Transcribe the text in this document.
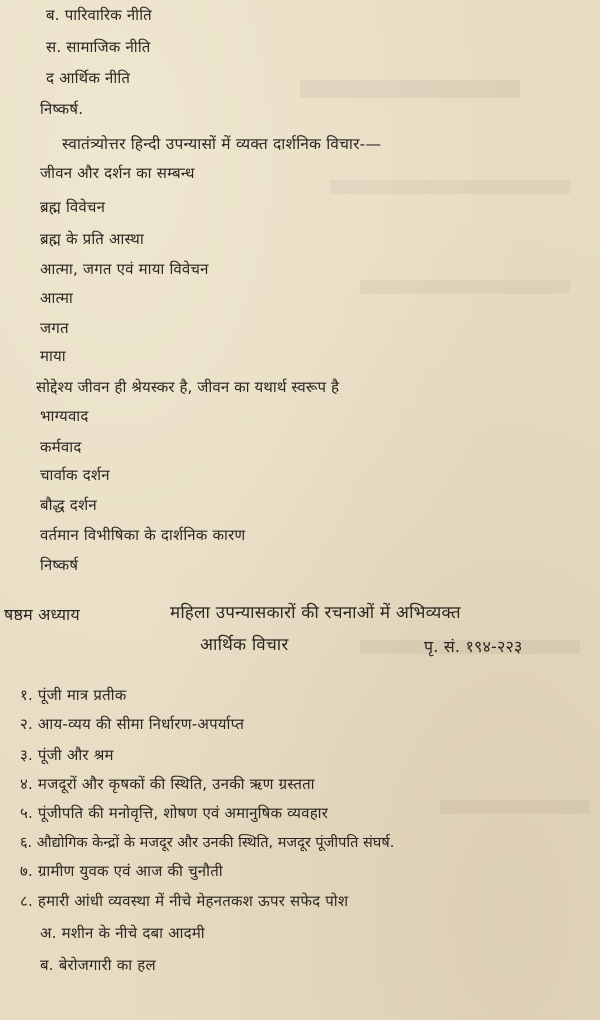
ब. पारिवारिक नीति
स. सामाजिक नीति
द आर्थिक नीति
निष्कर्ष.
स्वातंत्र्योत्तर हिन्दी उपन्यासों में व्यक्त दार्शनिक विचार-—
जीवन और दर्शन का सम्बन्ध
ब्रह्म विवेचन
ब्रह्म के प्रति आस्था
आत्मा, जगत एवं माया विवेचन
आत्मा
जगत
माया
सोद्देश्य जीवन ही श्रेयस्कर है, जीवन का यथार्थ स्वरूप है
भाग्यवाद
कर्मवाद
चार्वाक दर्शन
बौद्ध दर्शन
वर्तमान विभीषिका के दार्शनिक कारण
निष्कर्ष
षष्ठम अध्याय	महिला उपन्यासकारों की रचनाओं में अभिव्यक्त
आर्थिक विचार	पृ. सं. १९४-२२३
१. पूंजी मात्र प्रतीक
२. आय-व्यय की सीमा निर्धारण-अपर्याप्त
३. पूंजी और श्रम
४. मजदूरों और कृषकों की स्थिति, उनकी ऋण ग्रस्तता
५. पूंजीपति की मनोवृत्ति, शोषण एवं अमानुषिक व्यवहार
६. औद्योगिक केन्द्रों के मजदूर और उनकी स्थिति, मजदूर पूंजीपति संघर्ष.
७. ग्रामीण युवक एवं आज की चुनौती
८. हमारी आंधी व्यवस्था में नीचे मेहनतकश ऊपर सफेद पोश
अ. मशीन के नीचे दबा आदमी
ब. बेरोजगारी का हल
